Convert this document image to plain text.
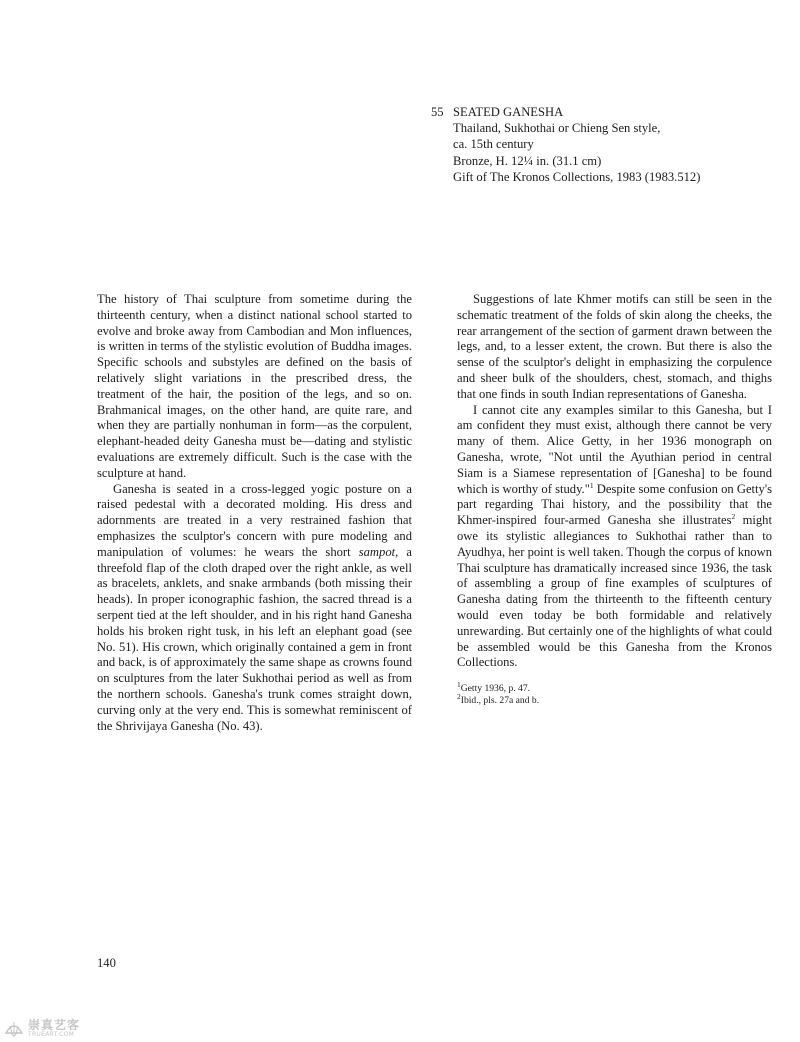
55 SEATED GANESHA
Thailand, Sukhothai or Chieng Sen style,
ca. 15th century
Bronze, H. 12¼ in. (31.1 cm)
Gift of The Kronos Collections, 1983 (1983.512)

The history of Thai sculpture from sometime during the thirteenth century, when a distinct national school started to evolve and broke away from Cambodian and Mon influences, is written in terms of the stylistic evolution of Buddha images. Specific schools and substyles are defined on the basis of relatively slight variations in the prescribed dress, the treatment of the hair, the position of the legs, and so on. Brahmanical images, on the other hand, are quite rare, and when they are partially nonhuman in form—as the corpulent, elephant-headed deity Ganesha must be—dating and stylistic evaluations are extremely difficult. Such is the case with the sculpture at hand.

Ganesha is seated in a cross-legged yogic posture on a raised pedestal with a decorated molding. His dress and adornments are treated in a very restrained fashion that emphasizes the sculptor's concern with pure modeling and manipulation of volumes: he wears the short sampot, a threefold flap of the cloth draped over the right ankle, as well as bracelets, anklets, and snake armbands (both missing their heads). In proper iconographic fashion, the sacred thread is a serpent tied at the left shoulder, and in his right hand Ganesha holds his broken right tusk, in his left an elephant goad (see No. 51). His crown, which originally contained a gem in front and back, is of approximately the same shape as crowns found on sculptures from the later Sukhothai period as well as from the northern schools. Ganesha's trunk comes straight down, curving only at the very end. This is somewhat reminiscent of the Shrivijaya Ganesha (No. 43).

Suggestions of late Khmer motifs can still be seen in the schematic treatment of the folds of skin along the cheeks, the rear arrangement of the section of garment drawn between the legs, and, to a lesser extent, the crown. But there is also the sense of the sculptor's delight in emphasizing the corpulence and sheer bulk of the shoulders, chest, stomach, and thighs that one finds in south Indian representations of Ganesha.

I cannot cite any examples similar to this Ganesha, but I am confident they must exist, although there cannot be very many of them. Alice Getty, in her 1936 monograph on Ganesha, wrote, "Not until the Ayuthian period in central Siam is a Siamese representation of [Ganesha] to be found which is worthy of study."$^1$ Despite some confusion on Getty's part regarding Thai history, and the possibility that the Khmer-inspired four-armed Ganesha she illustrates$^2$ might owe its stylistic allegiances to Sukhothai rather than to Ayudhya, her point is well taken. Though the corpus of known Thai sculpture has dramatically increased since 1936, the task of assembling a group of fine examples of sculptures of Ganesha dating from the thirteenth to the fifteenth century would even today be both formidable and relatively unrewarding. But certainly one of the highlights of what could be assembled would be this Ganesha from the Kronos Collections.

$^1$Getty 1936, p. 47.
$^2$Ibid., pls. 27a and b.
140
崇真艺客
TRUEART.COM
